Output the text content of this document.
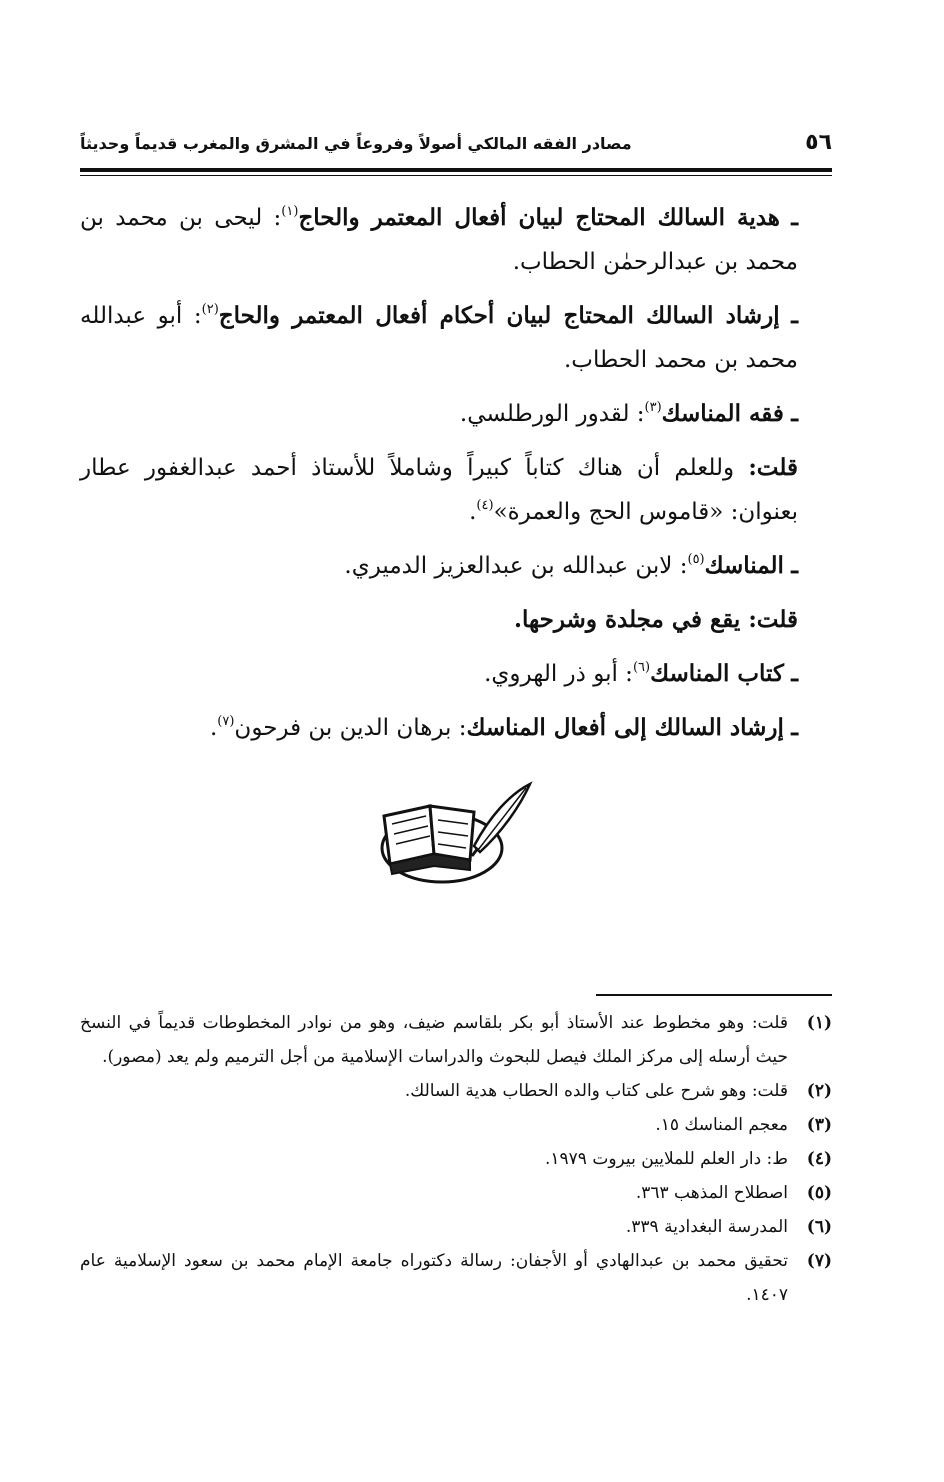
٥٦
مصادر الفقه المالكي أصولاً وفروعاً في المشرق والمغرب قديماً وحديثاً

ـ هدية السالك المحتاج لبيان أفعال المعتمر والحاج$^{(١)}$: ليحى بن محمد بن محمد بن عبدالرحمٰن الحطاب.

ـ إرشاد السالك المحتاج لبيان أحكام أفعال المعتمر والحاج$^{(٢)}$: أبو عبدالله محمد بن محمد الحطاب.

ـ فقه المناسك$^{(٣)}$: لقدور الورطلسي.

قلت: وللعلم أن هناك كتاباً كبيراً وشاملاً للأستاذ أحمد عبدالغفور عطار بعنوان: «قاموس الحج والعمرة»$^{(٤)}$.

ـ المناسك$^{(٥)}$: لابن عبدالله بن عبدالعزيز الدميري.

قلت: يقع في مجلدة وشرحها.

ـ كتاب المناسك$^{(٦)}$: أبو ذر الهروي.

ـ إرشاد السالك إلى أفعال المناسك: برهان الدين بن فرحون$^{(٧)}$.

(١)
قلت: وهو مخطوط عند الأستاذ أبو بكر بلقاسم ضيف، وهو من نوادر المخطوطات قديماً في النسخ حيث أرسله إلى مركز الملك فيصل للبحوث والدراسات الإسلامية من أجل الترميم ولم يعد (مصور).
(٢)
قلت: وهو شرح على كتاب والده الحطاب هدية السالك.
(٣)
معجم المناسك ١٥.
(٤)
ط: دار العلم للملايين بيروت ١٩٧٩.
(٥)
اصطلاح المذهب ٣٦٣.
(٦)
المدرسة البغدادية ٣٣٩.
(٧)
تحقيق محمد بن عبدالهادي أو الأجفان: رسالة دكتوراه جامعة الإمام محمد بن سعود الإسلامية عام ١٤٠٧.
